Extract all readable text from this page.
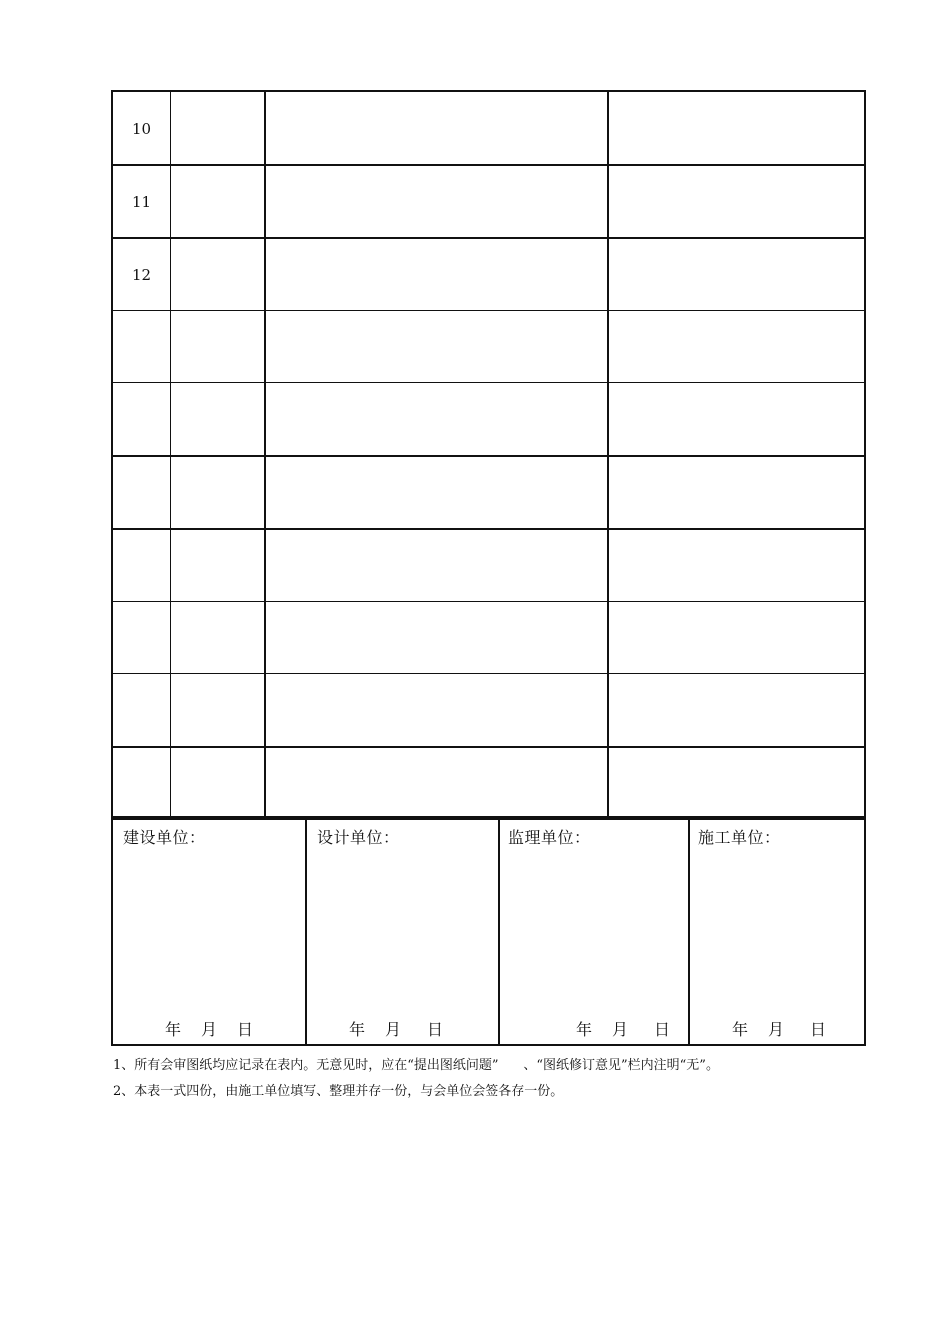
10
11
12
建设单位：
年 月 日
设计单位：
年 月 日
监理单位：
年 月 日
施工单位：
年 月 日
1、所有会审图纸均应记录在表内。无意见时，应在“提出图纸问题”      、“图纸修订意见”栏内注明“无”。
2、本表一式四份，由施工单位填写、整理并存一份，与会单位会签各存一份。
